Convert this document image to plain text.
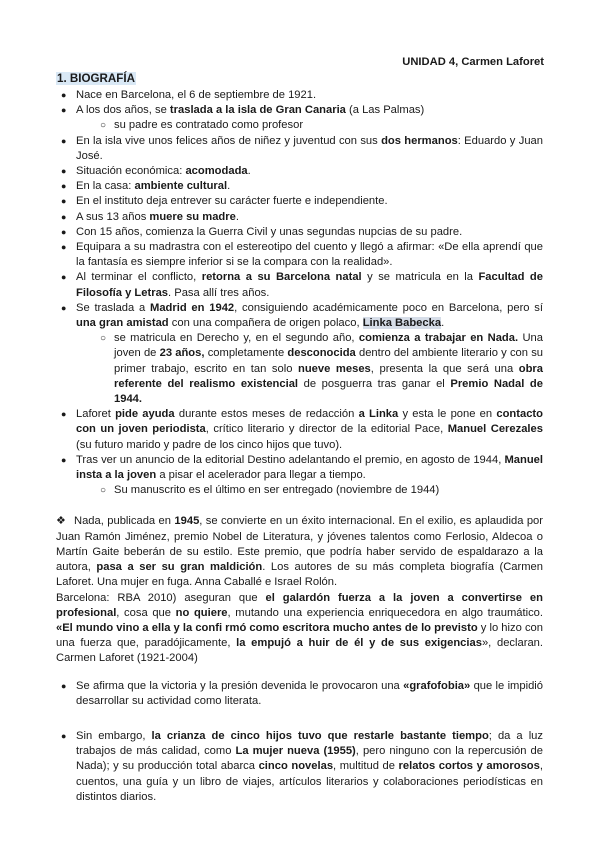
UNIDAD 4, Carmen Laforet
1. BIOGRAFÍA
● Nace en Barcelona, el 6 de septiembre de 1921.
● A los dos años, se traslada a la isla de Gran Canaria (a Las Palmas)
○ su padre es contratado como profesor
● En la isla vive unos felices años de niñez y juventud con sus dos hermanos: Eduardo y Juan José.
● Situación económica: acomodada.
● En la casa: ambiente cultural.
● En el instituto deja entrever su carácter fuerte e independiente.
● A sus 13 años muere su madre.
● Con 15 años, comienza la Guerra Civil y unas segundas nupcias de su padre.
● Equipara a su madrastra con el estereotipo del cuento y llegó a afirmar: «De ella aprendí que la fantasía es siempre inferior si se la compara con la realidad».
● Al terminar el conflicto, retorna a su Barcelona natal y se matricula en la Facultad de Filosofía y Letras. Pasa allí tres años.
● Se traslada a Madrid en 1942, consiguiendo académicamente poco en Barcelona, pero sí una gran amistad con una compañera de origen polaco, Linka Babecka.
○ se matricula en Derecho y, en el segundo año, comienza a trabajar en Nada. Una joven de 23 años, completamente desconocida dentro del ambiente literario y con su primer trabajo, escrito en tan solo nueve meses, presenta la que será una obra referente del realismo existencial de posguerra tras ganar el Premio Nadal de 1944.
● Laforet pide ayuda durante estos meses de redacción a Linka y esta le pone en contacto con un joven periodista, crítico literario y director de la editorial Pace, Manuel Cerezales (su futuro marido y padre de los cinco hijos que tuvo).
● Tras ver un anuncio de la editorial Destino adelantando el premio, en agosto de 1944, Manuel insta a la joven a pisar el acelerador para llegar a tiempo.
○ Su manuscrito es el último en ser entregado (noviembre de 1944)

❖ Nada, publicada en 1945, se convierte en un éxito internacional. En el exilio, es aplaudida por Juan Ramón Jiménez, premio Nobel de Literatura, y jóvenes talentos como Ferlosio, Aldecoa o Martín Gaite beberán de su estilo. Este premio, que podría haber servido de espaldarazo a la autora, pasa a ser su gran maldición. Los autores de su más completa biografía (Carmen Laforet. Una mujer en fuga. Anna Caballé e Israel Rolón.

Barcelona: RBA 2010) aseguran que el galardón fuerza a la joven a convertirse en profesional, cosa que no quiere, mutando una experiencia enriquecedora en algo traumático. «El mundo vino a ella y la confi rmó como escritora mucho antes de lo previsto y lo hizo con una fuerza que, paradójicamente, la empujó a huir de él y de sus exigencias», declaran. Carmen Laforet (1921-2004)

● Se afirma que la victoria y la presión devenida le provocaron una «grafofobia» que le impidió desarrollar su actividad como literata.
● Sin embargo, la crianza de cinco hijos tuvo que restarle bastante tiempo; da a luz trabajos de más calidad, como La mujer nueva (1955), pero ninguno con la repercusión de Nada); y su producción total abarca cinco novelas, multitud de relatos cortos y amorosos, cuentos, una guía y un libro de viajes, artículos literarios y colaboraciones periodísticas en distintos diarios.
